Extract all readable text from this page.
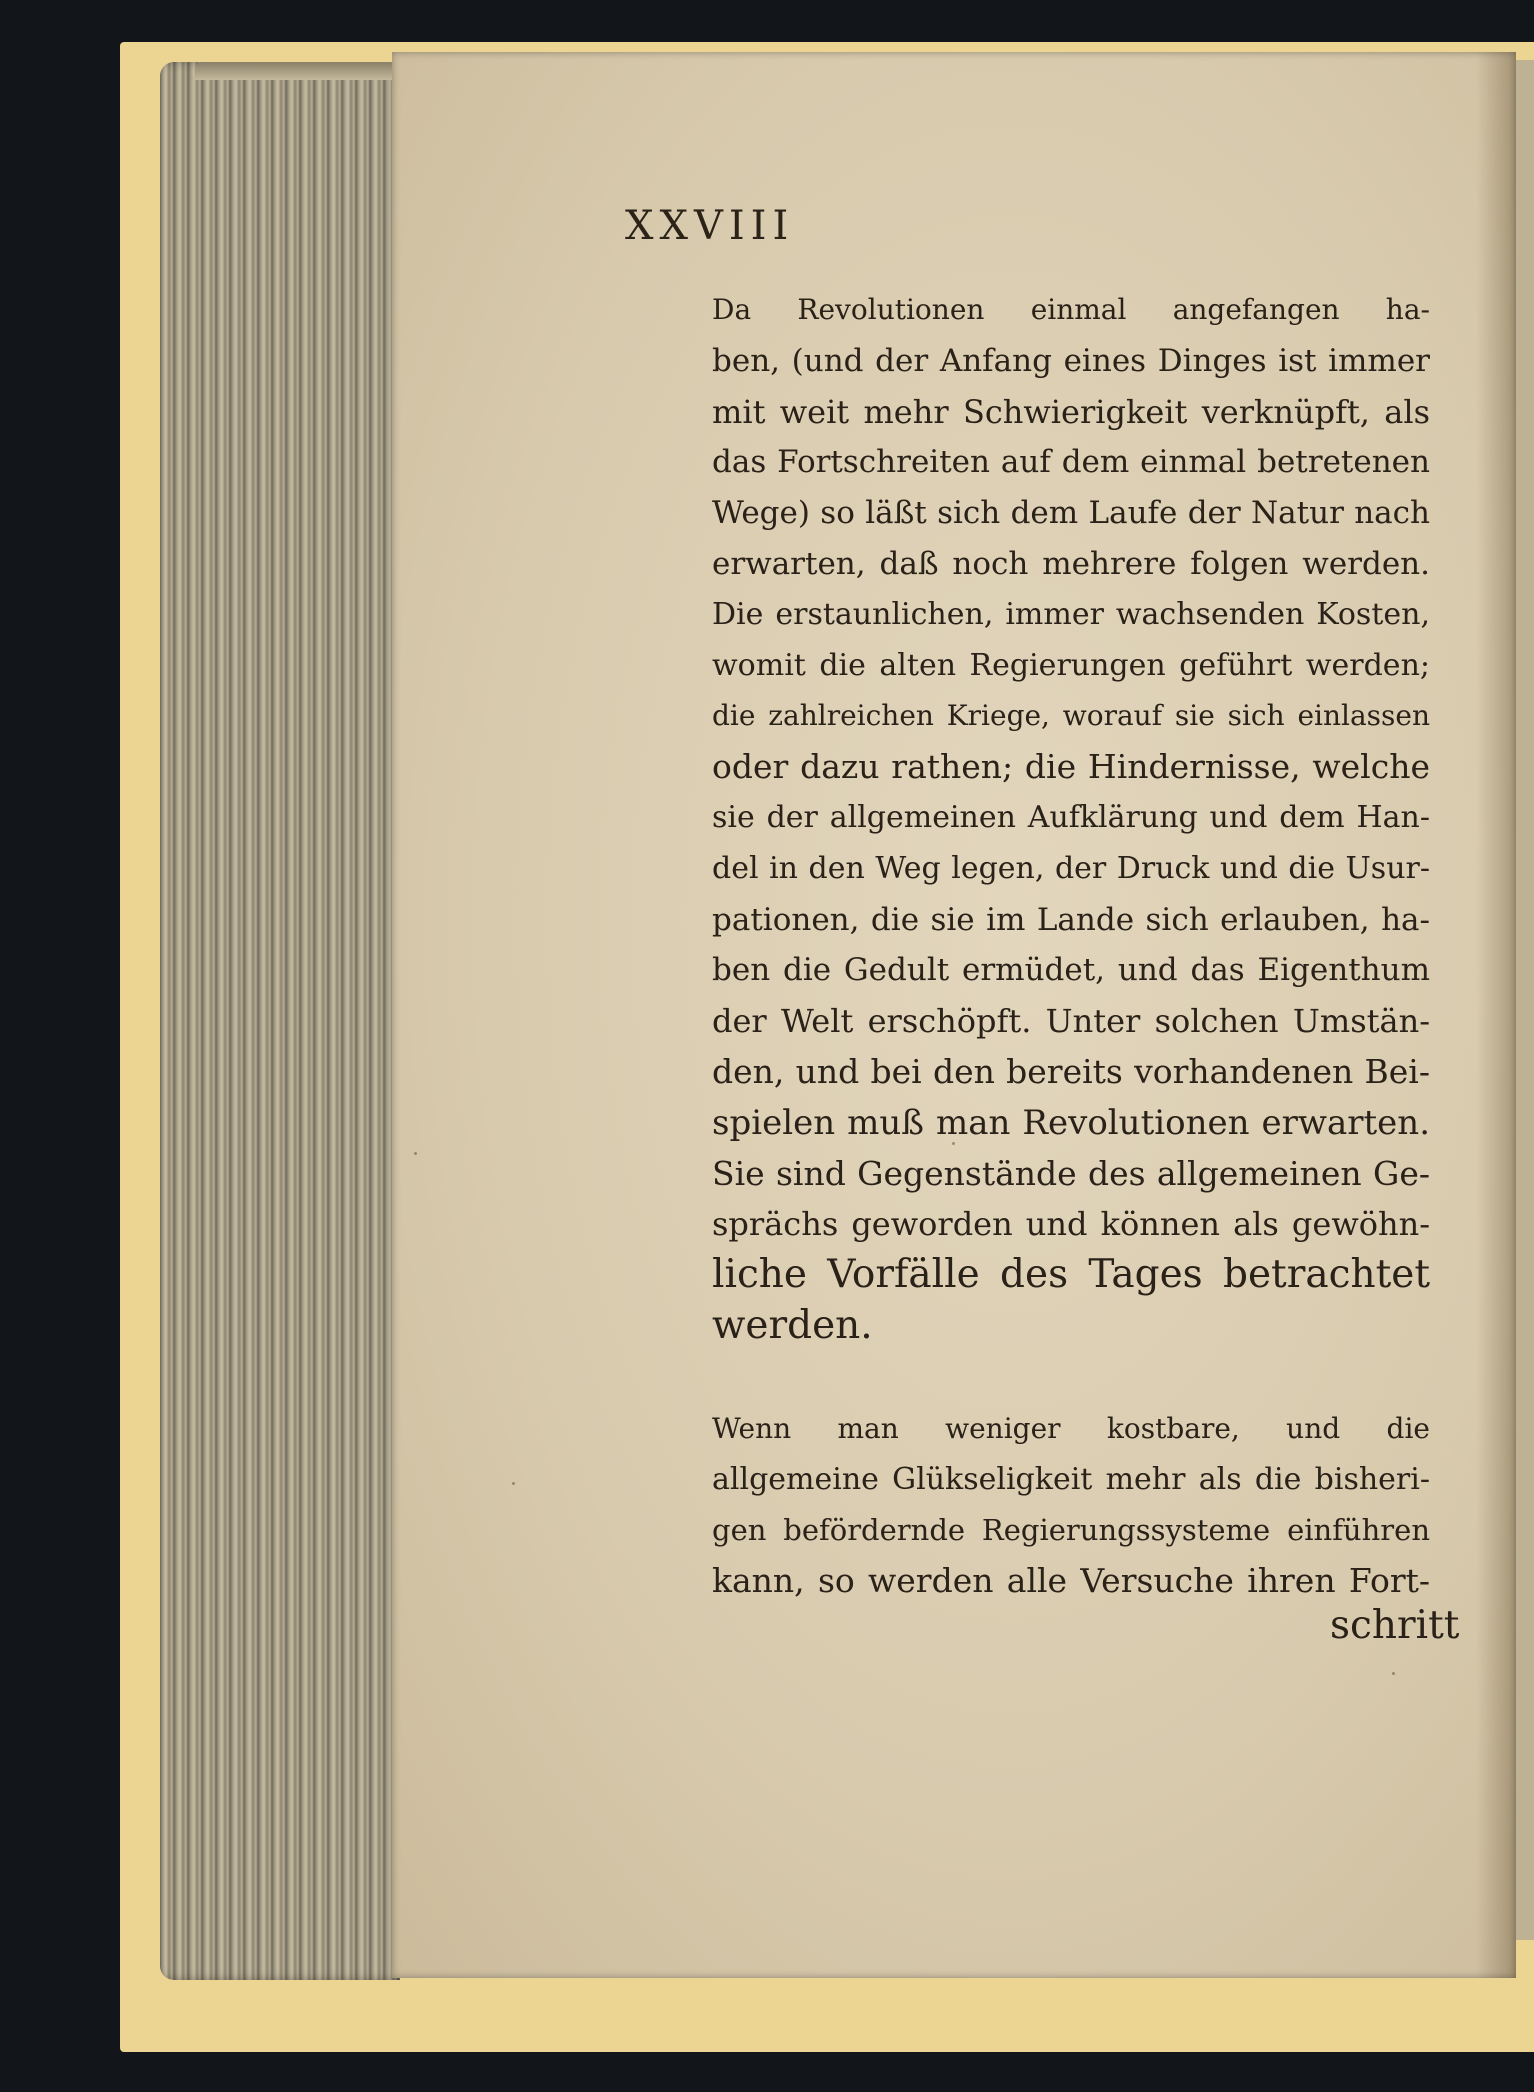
XXVIII

Da Revolutionen einmal angefangen ha-
ben, (und der Anfang eines Dinges ist immer
mit weit mehr Schwierigkeit verknüpft, als
das Fortschreiten auf dem einmal betretenen
Wege) so läßt sich dem Laufe der Natur nach
erwarten, daß noch mehrere folgen werden.
Die erstaunlichen, immer wachsenden Kosten,
womit die alten Regierungen geführt werden;
die zahlreichen Kriege, worauf sie sich einlassen
oder dazu rathen; die Hindernisse, welche
sie der allgemeinen Aufklärung und dem Han-
del in den Weg legen, der Druck und die Usur-
pationen, die sie im Lande sich erlauben, ha-
ben die Gedult ermüdet, und das Eigenthum
der Welt erschöpft. Unter solchen Umstän-
den, und bei den bereits vorhandenen Bei-
spielen muß man Revolutionen erwarten.
Sie sind Gegenstände des allgemeinen Ge-
sprächs geworden und können als gewöhn-
liche Vorfälle des Tages betrachtet
werden.

Wenn man weniger kostbare, und die
allgemeine Glükseligkeit mehr als die bisheri-
gen befördernde Regierungssysteme einführen
kann, so werden alle Versuche ihren Fort-

schritt
